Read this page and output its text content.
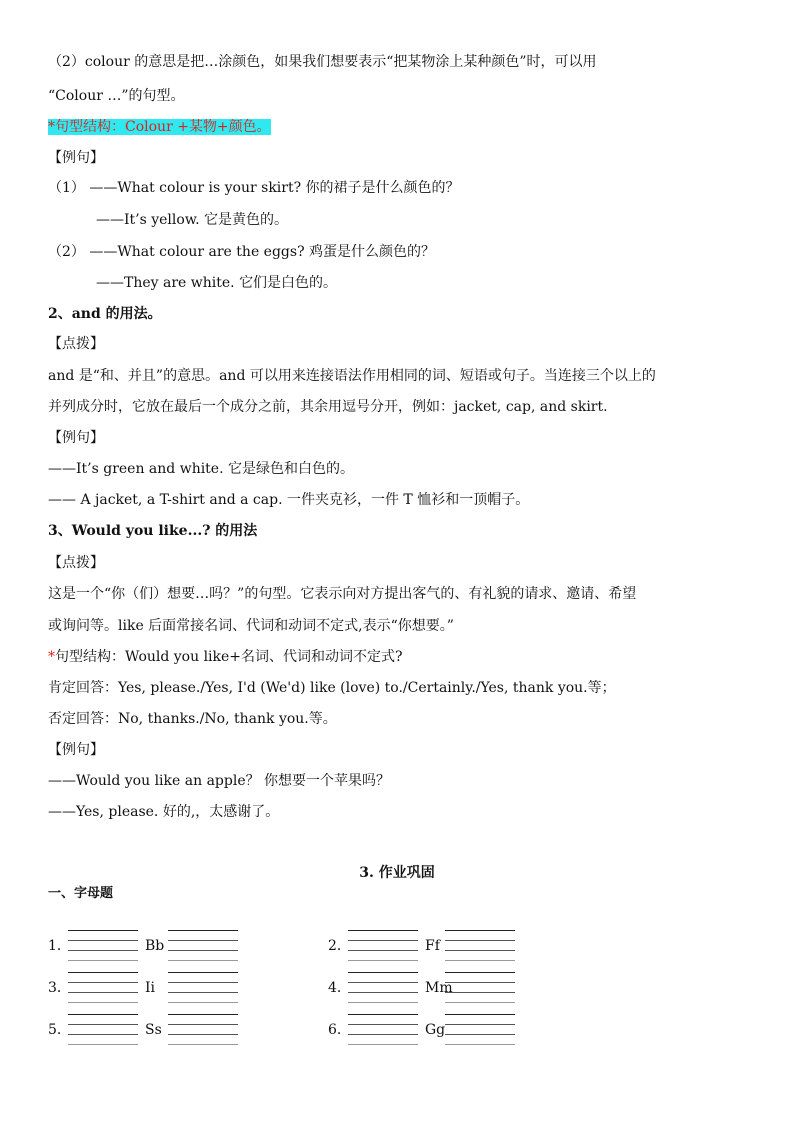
（2）colour 的意思是把…涂颜色，如果我们想要表示“把某物涂上某种颜色”时，可以用
“Colour …”的句型。
【例句】
（1） ——What colour is your skirt? 你的裙子是什么颜色的？
——It’s yellow. 它是黄色的。
（2） ——What colour are the eggs? 鸡蛋是什么颜色的？
——They are white. 它们是白色的。
【点拨】
and 是“和、并且”的意思。and 可以用来连接语法作用相同的词、短语或句子。当连接三个以上的
并列成分时，它放在最后一个成分之前，其余用逗号分开，例如：jacket, cap, and skirt.
【例句】
——It’s green and white. 它是绿色和白色的。
—— A jacket, a T-shirt and a cap. 一件夹克衫，一件 T 恤衫和一顶帽子。
【点拨】
这是一个“你（们）想要…吗？”的句型。它表示向对方提出客气的、有礼貌的请求、邀请、希望
或询问等。like 后面常接名词、代词和动词不定式,表示“你想要。”
肯定回答：Yes, please./Yes, I'd (We'd) like (love) to./Certainly./Yes, thank you.等；
否定回答：No, thanks./No, thank you.等。
【例句】
——Would you like an apple？ 你想要一个苹果吗？
——Yes, please. 好的,，太感谢了。
*句型结构：Colour +某物+颜色。
2、and 的用法。
3、Would you like...? 的用法
*句型结构：Would you like+名词、代词和动词不定式?
3. 作业巩固
一、字母题
1．	Bb	2．	Ff
3．	Ii	4．	Mm
5．	Ss	6．	Gg
